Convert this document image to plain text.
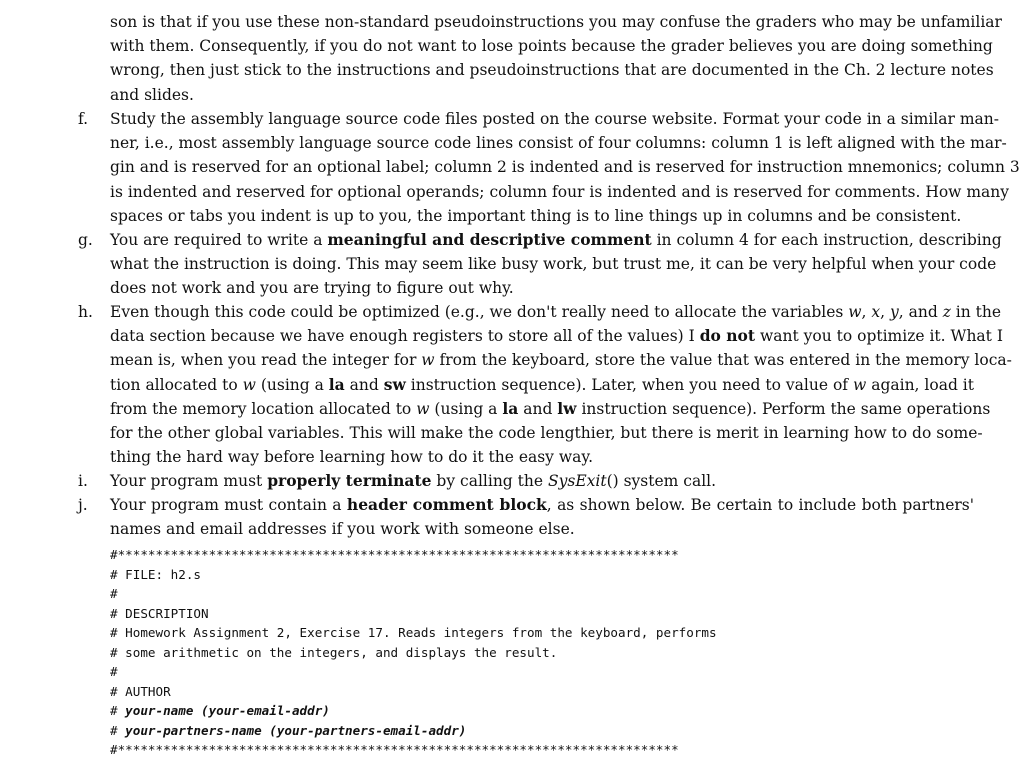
son is that if you use these non-standard pseudoinstructions you may confuse the graders who may be unfamiliar
with them. Consequently, if you do not want to lose points because the grader believes you are doing something
wrong, then just stick to the instructions and pseudoinstructions that are documented in the Ch. 2 lecture notes
and slides.
f. Study the assembly language source code files posted on the course website. Format your code in a similar man-
ner, i.e., most assembly language source code lines consist of four columns: column 1 is left aligned with the mar-
gin and is reserved for an optional label; column 2 is indented and is reserved for instruction mnemonics; column 3
is indented and reserved for optional operands; column four is indented and is reserved for comments. How many
spaces or tabs you indent is up to you, the important thing is to line things up in columns and be consistent.
g. You are required to write a meaningful and descriptive comment in column 4 for each instruction, describing
what the instruction is doing. This may seem like busy work, but trust me, it can be very helpful when your code
does not work and you are trying to figure out why.
h. Even though this code could be optimized (e.g., we don't really need to allocate the variables w, x, y, and z in the
data section because we have enough registers to store all of the values) I do not want you to optimize it. What I
mean is, when you read the integer for w from the keyboard, store the value that was entered in the memory loca-
tion allocated to w (using a la and sw instruction sequence). Later, when you need to value of w again, load it
from the memory location allocated to w (using a la and lw instruction sequence). Perform the same operations
for the other global variables. This will make the code lengthier, but there is merit in learning how to do some-
thing the hard way before learning how to do it the easy way.
i. Your program must properly terminate by calling the SysExit() system call.
j. Your program must contain a header comment block, as shown below. Be certain to include both partners'
names and email addresses if you work with someone else.
#**************************************************************************
# FILE: h2.s
#
# DESCRIPTION
# Homework Assignment 2, Exercise 17. Reads integers from the keyboard, performs
# some arithmetic on the integers, and displays the result.
#
# AUTHOR
# your-name (your-email-addr)
# your-partners-name (your-partners-email-addr)
#**************************************************************************
